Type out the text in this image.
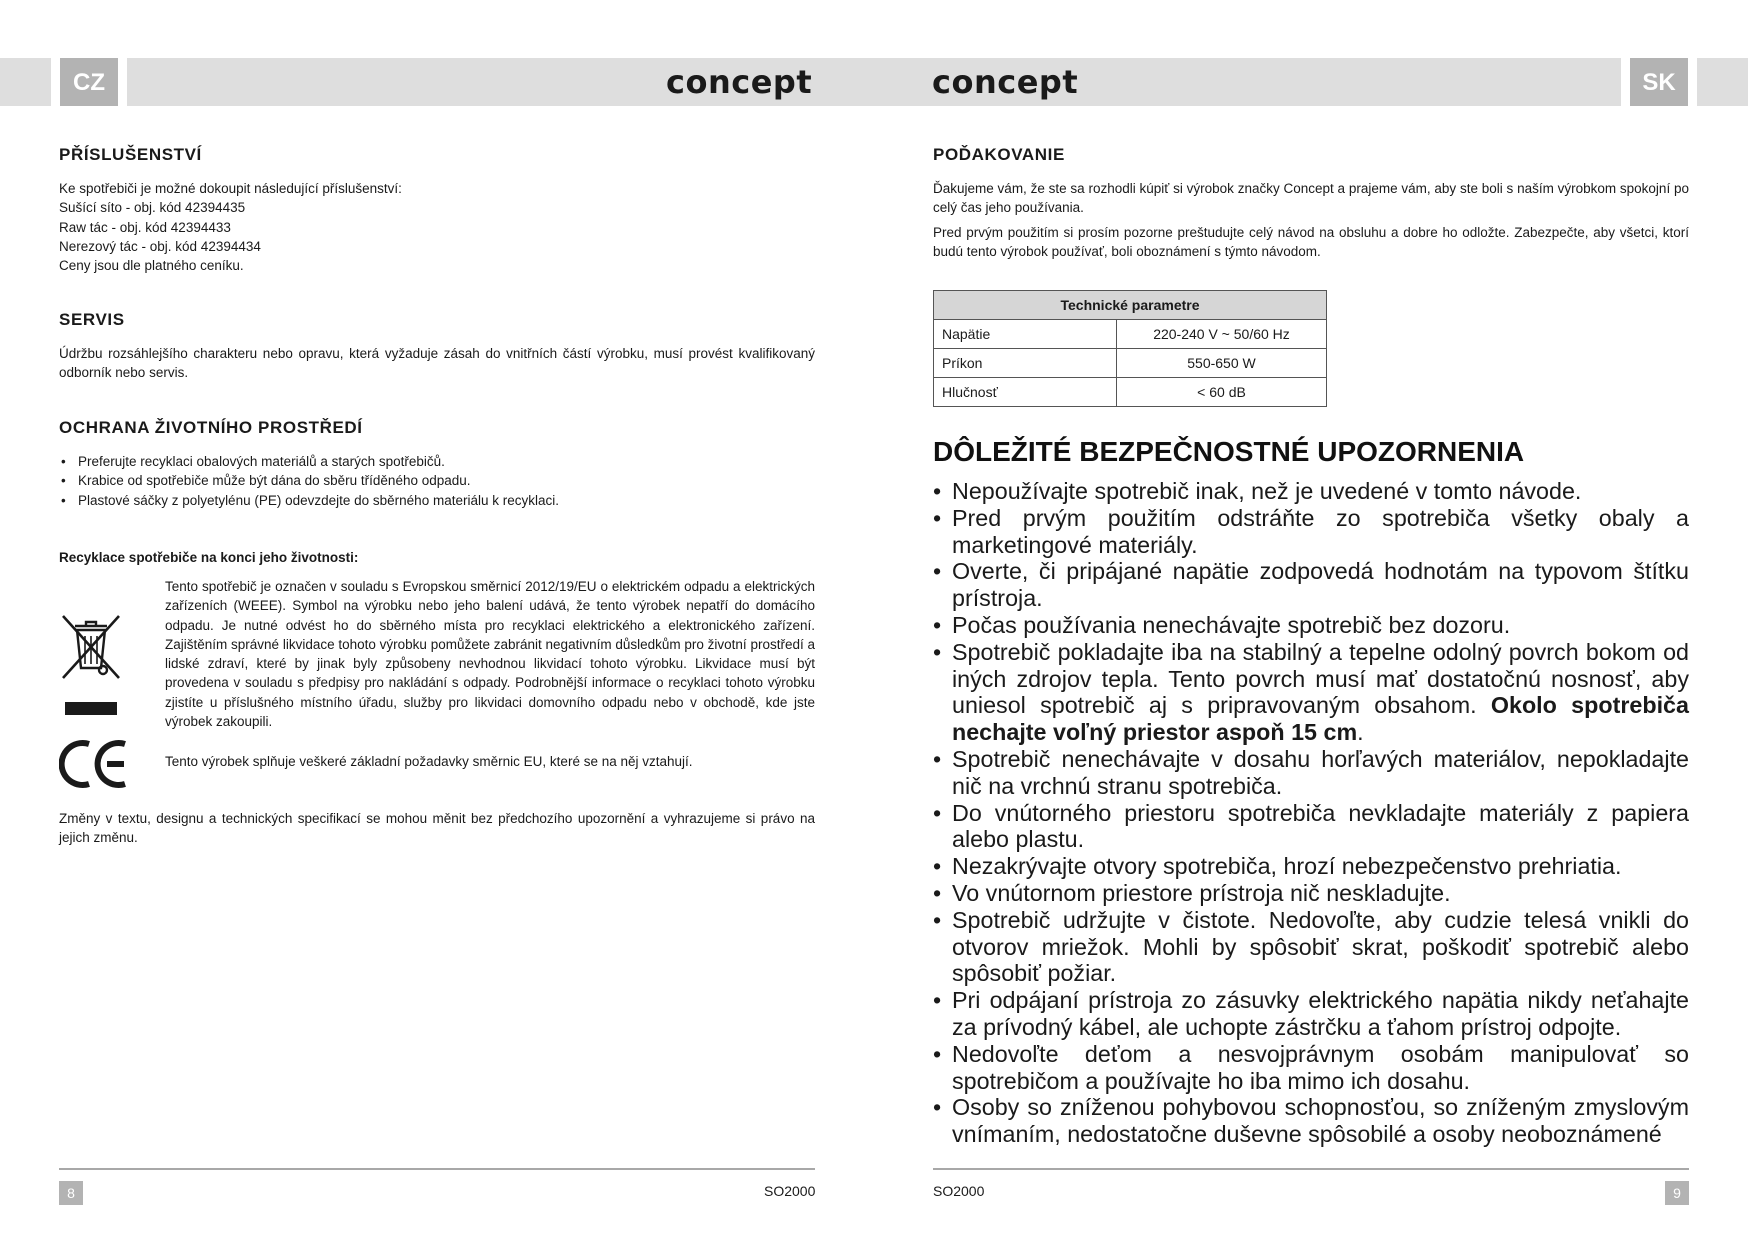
CZ	SK
concept	concept
PŘÍSLUŠENSTVÍ

Ke spotřebiči je možné dokoupit následující příslušenství:

Sušící síto - obj. kód 42394435

Raw tác - obj. kód 42394433

Nerezový tác - obj. kód 42394434

Ceny jsou dle platného ceníku.

SERVIS
Údržbu rozsáhlejšího charakteru nebo opravu, která vyžaduje zásah do vnitřních částí výrobku, musí provést kvalifikovaný odborník nebo servis.
OCHRANA ŽIVOTNÍHO PROSTŘEDÍ
• Preferujte recyklaci obalových materiálů a starých spotřebičů.
• Krabice od spotřebiče může být dána do sběru tříděného odpadu.
• Plastové sáčky z polyetylénu (PE) odevzdejte do sběrného materiálu k recyklaci.
Recyklace spotřebiče na konci jeho životnosti:
Tento spotřebič je označen v souladu s Evropskou směrnicí 2012/19/EU o elektrickém odpadu a elektrických zařízeních (WEEE). Symbol na výrobku nebo jeho balení udává, že tento výrobek nepatří do domácího odpadu. Je nutné odvést ho do sběrného místa pro recyklaci elektrického a elektronického zařízení. Zajištěním správné likvidace tohoto výrobku pomůžete zabránit negativním důsledkům pro životní prostředí a lidské zdraví, které by jinak byly způsobeny nevhodnou likvidací tohoto výrobku. Likvidace musí být provedena v souladu s předpisy pro nakládání s odpady. Podrobnější informace o recyklaci tohoto výrobku zjistíte u příslušného místního úřadu, služby pro likvidaci domovního odpadu nebo v obchodě, kde jste výrobek zakoupili.
Tento výrobek splňuje veškeré základní požadavky směrnic EU, které se na něj vztahují.
Změny v textu, designu a technických specifikací se mohou měnit bez předchozího upozornění a vyhrazujeme si právo na jejich změnu.
POĎAKOVANIE
Ďakujeme vám, že ste sa rozhodli kúpiť si výrobok značky Concept a prajeme vám, aby ste boli s naším výrobkom spokojní po celý čas jeho používania.
Pred prvým použitím si prosím pozorne preštudujte celý návod na obsluhu a dobre ho odložte. Zabezpečte, aby všetci, ktorí budú tento výrobok používať, boli oboznámení s týmto návodom.
Technické parametre	
Napätie	220-240 V ~ 50/60 Hz
Príkon	550-650 W
Hlučnosť	< 60 dB
DÔLEŽITÉ BEZPEČNOSTNÉ UPOZORNENIA
• Nepoužívajte spotrebič inak, než je uvedené v tomto návode.
• Pred prvým použitím odstráňte zo spotrebiča všetky obaly a marketingové materiály.
• Overte, či pripájané napätie zodpovedá hodnotám na typovom štítku prístroja.
• Počas používania nenechávajte spotrebič bez dozoru.
• Spotrebič pokladajte iba na stabilný a tepelne odolný povrch bokom od iných zdrojov tepla. Tento povrch musí mať dostatočnú nosnosť, aby uniesol spotrebič aj s pripravovaným obsahom. Okolo spotrebiča nechajte voľný priestor aspoň 15 cm.
• Spotrebič nenechávajte v dosahu horľavých materiálov, nepokladajte nič na vrchnú stranu spotrebiča.
• Do vnútorného priestoru spotrebiča nevkladajte materiály z papiera alebo plastu.
• Nezakrývajte otvory spotrebiča, hrozí nebezpečenstvo prehriatia.
• Vo vnútornom priestore prístroja nič neskladujte.
• Spotrebič udržujte v čistote. Nedovoľte, aby cudzie telesá vnikli do otvorov mriežok. Mohli by spôsobiť skrat, poškodiť spotrebič alebo spôsobiť požiar.
• Pri odpájaní prístroja zo zásuvky elektrického napätia nikdy neťahajte za prívodný kábel, ale uchopte zástrčku a ťahom prístroj odpojte.
• Nedovoľte deťom a nesvojprávnym osobám manipulovať so spotrebičom a používajte ho iba mimo ich dosahu.
• Osoby so zníženou pohybovou schopnosťou, so zníženým zmyslovým vnímaním, nedostatočne duševne spôsobilé a osoby neoboznámené
8	SO2000	SO2000	9
